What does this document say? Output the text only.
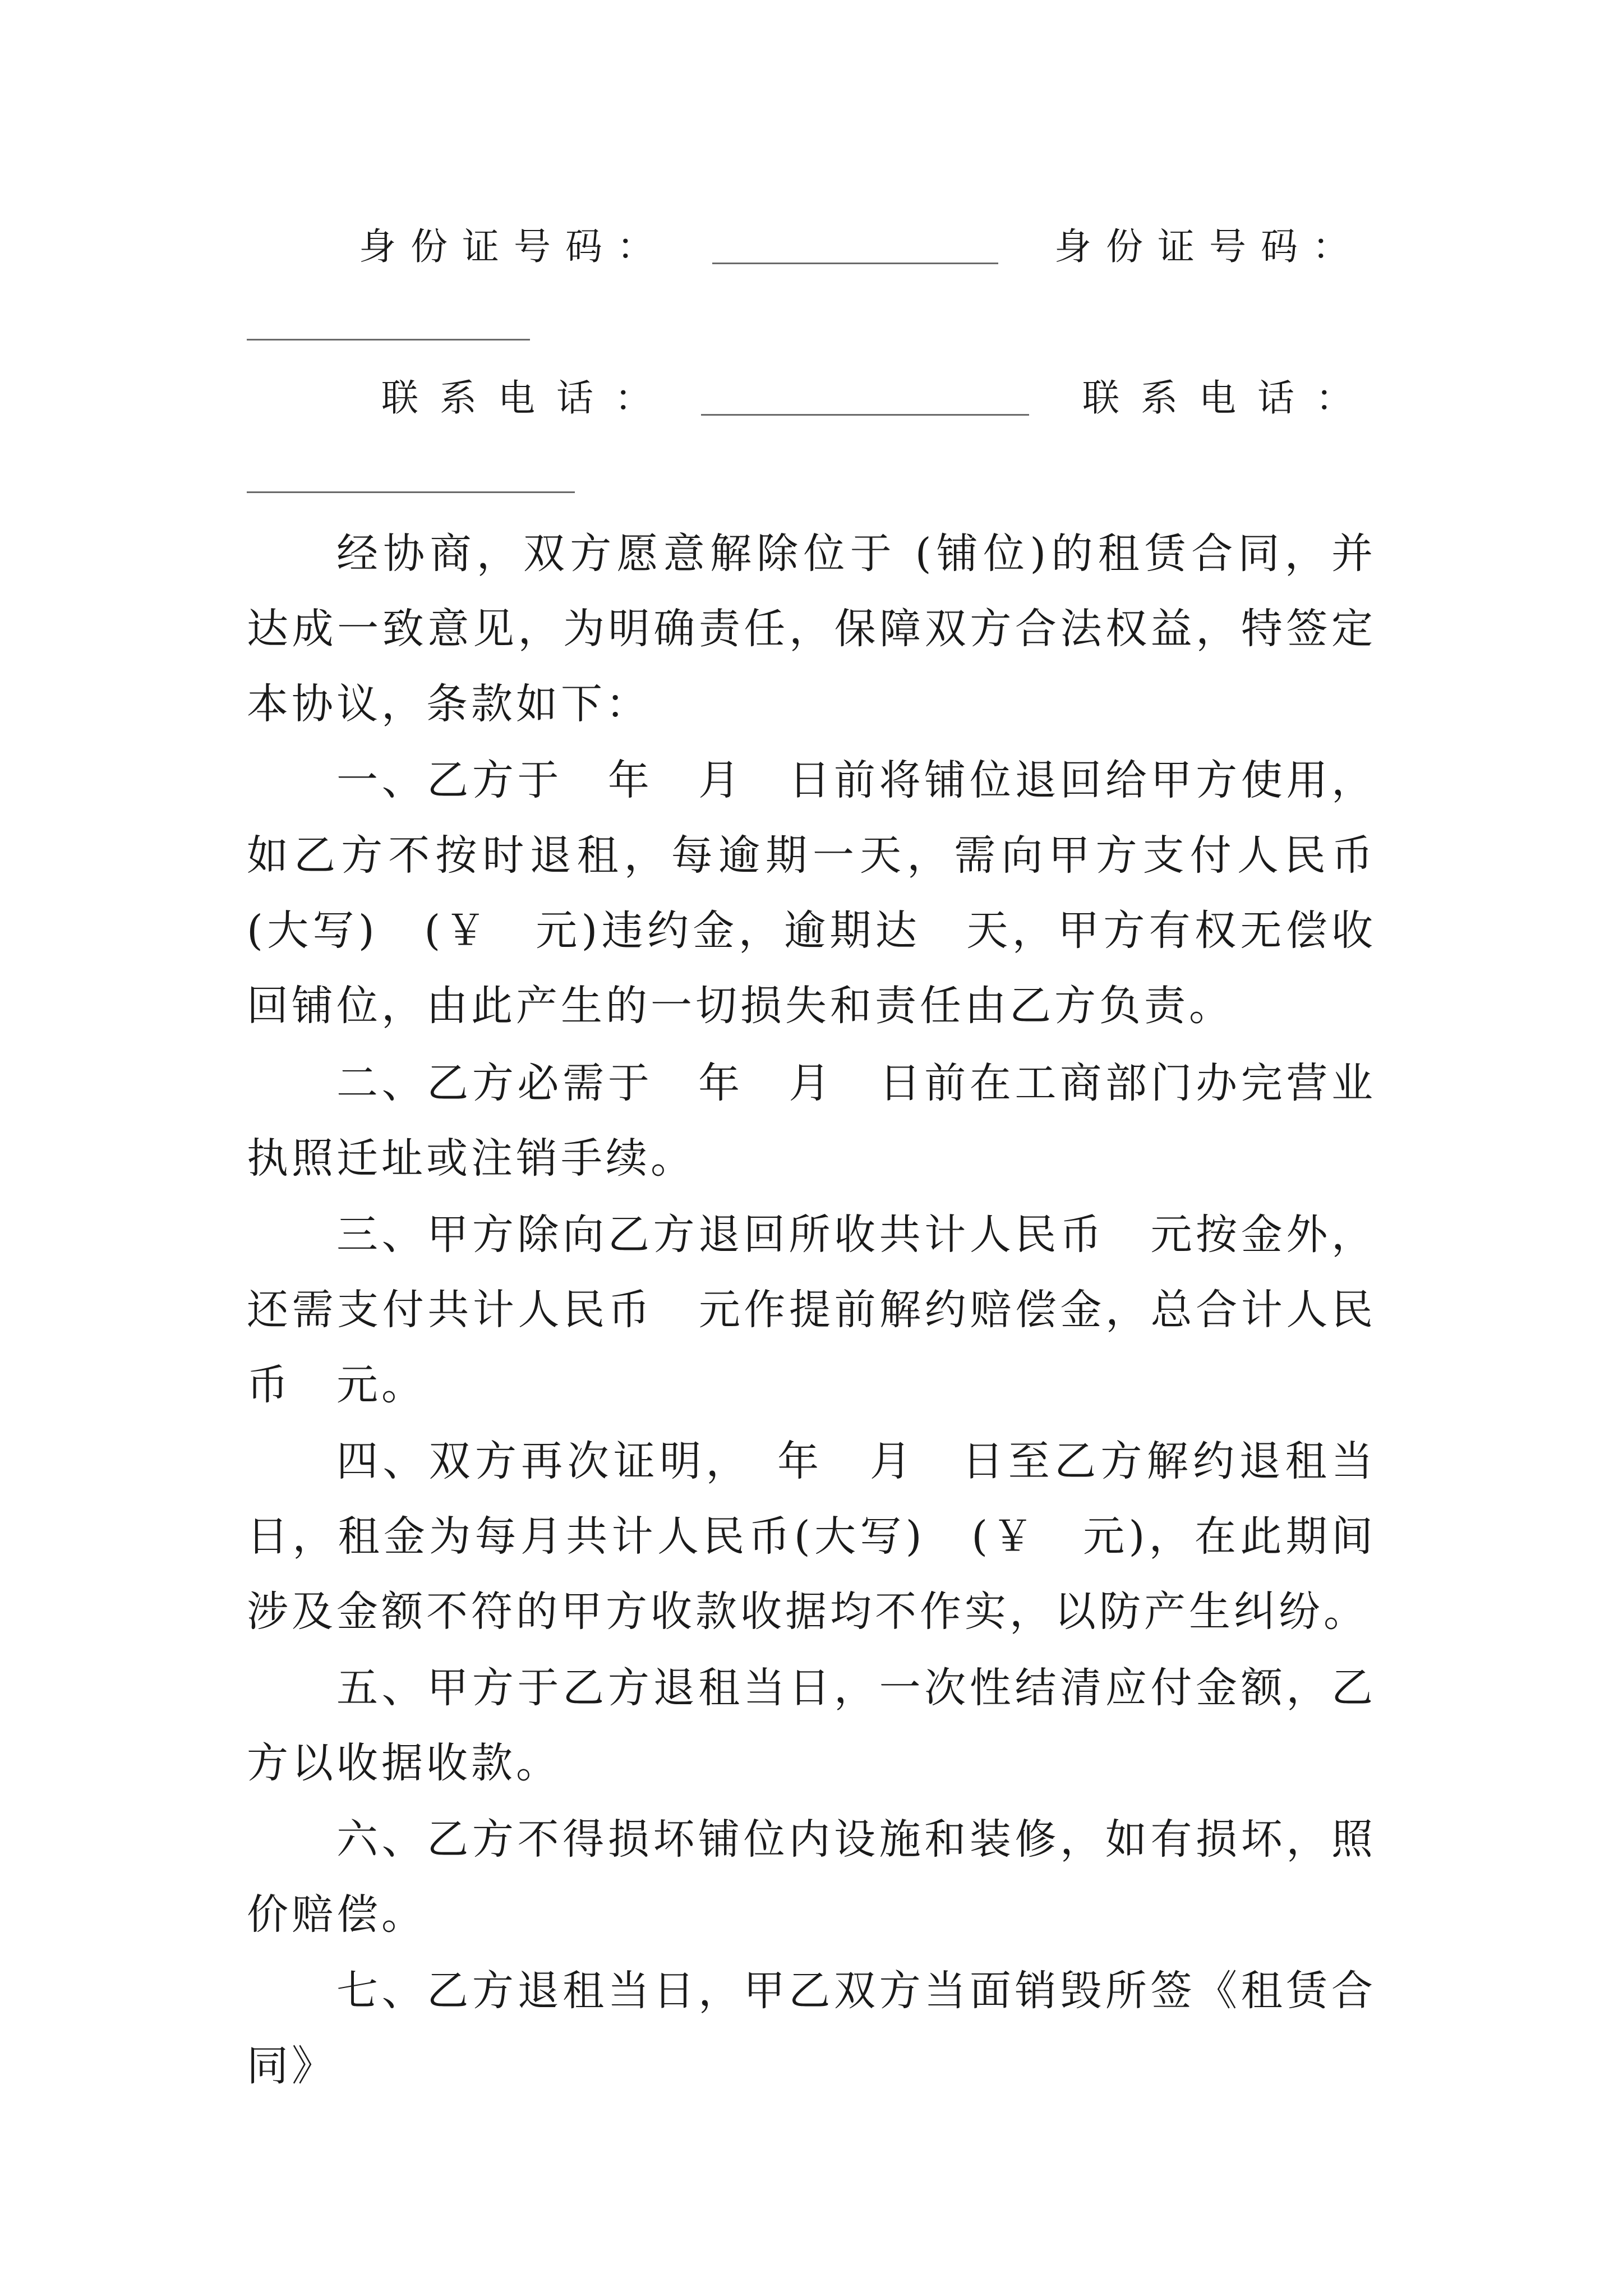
身份证号码：	身份证号码：
联系电话：	联系电话：

经协商，双方愿意解除位于 (铺位)的租赁合同，并达成一致意见，为明确责任，保障双方合法权益，特签定本协议，条款如下：

一、乙方于　年　月　日前将铺位退回给甲方使用，如乙方不按时退租，每逾期一天，需向甲方支付人民币(大写)　(￥　元)违约金，逾期达　天，甲方有权无偿收回铺位，由此产生的一切损失和责任由乙方负责。

二、乙方必需于　年　月　日前在工商部门办完营业执照迁址或注销手续。

三、甲方除向乙方退回所收共计人民币　元按金外，还需支付共计人民币　元作提前解约赔偿金，总合计人民币　元。

四、双方再次证明，　年　月　日至乙方解约退租当日，租金为每月共计人民币(大写)　(￥　元)，在此期间涉及金额不符的甲方收款收据均不作实，以防产生纠纷。

五、甲方于乙方退租当日，一次性结清应付金额，乙方以收据收款。

六、乙方不得损坏铺位内设施和装修，如有损坏，照价赔偿。

七、乙方退租当日，甲乙双方当面销毁所签《租赁合同》
